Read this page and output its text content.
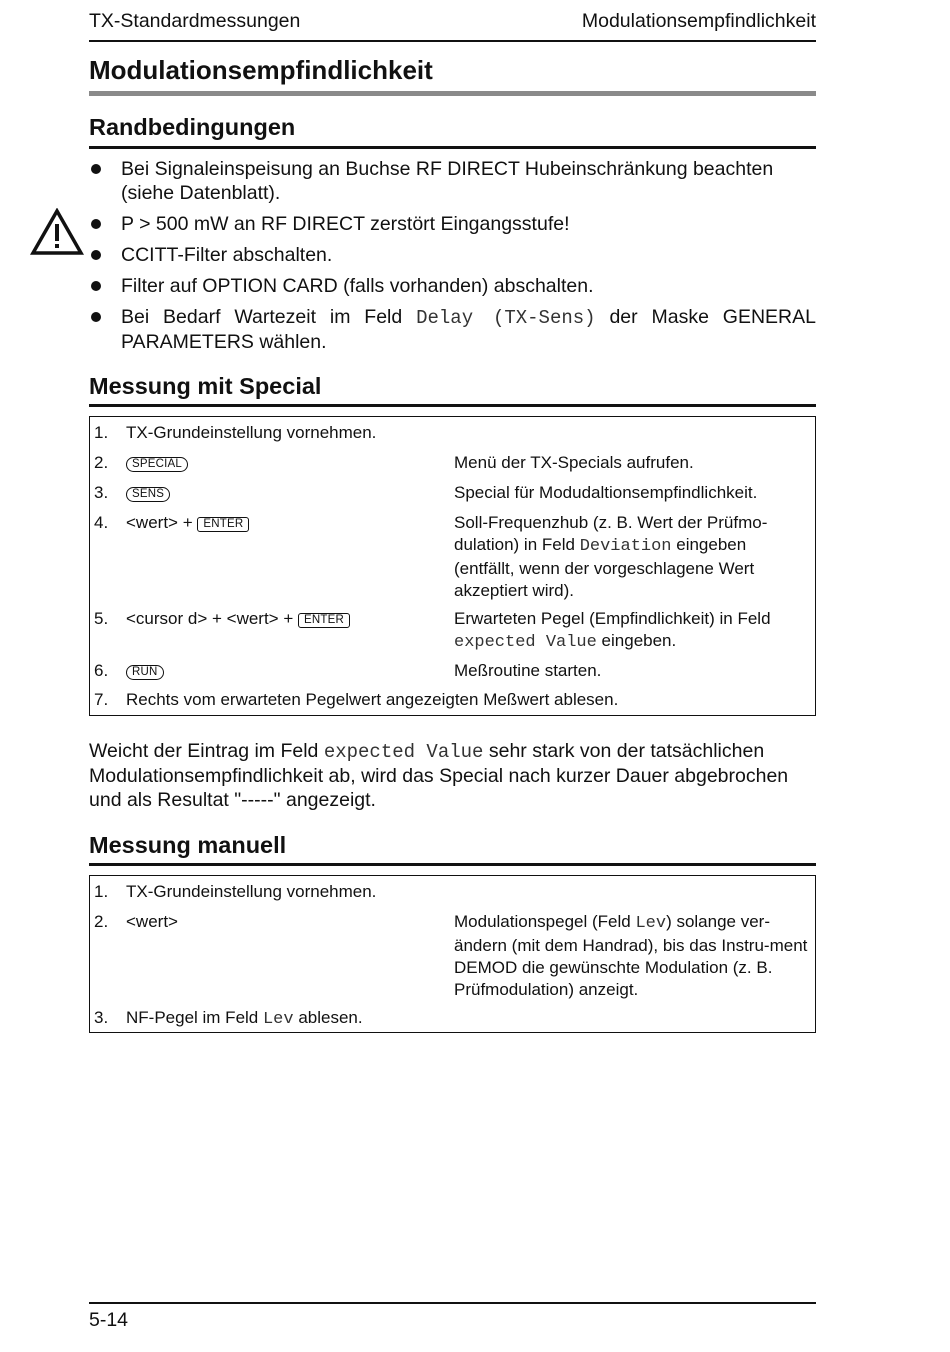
TX-Standardmessungen	Modulationsempfindlichkeit
Modulationsempfindlichkeit
Randbedingungen
Bei Signaleinspeisung an Buchse RF DIRECT Hubeinschränkung beachten (siehe Datenblatt).
P > 500 mW an RF DIRECT zerstört Eingangsstufe!
CCITT-Filter abschalten.
Filter auf OPTION CARD (falls vorhanden) abschalten.
Bei Bedarf Wartezeit im Feld Delay (TX-Sens) der Maske GENERAL PARAMETERS wählen.
Messung mit Special
1. TX-Grundeinstellung vornehmen.
2.	SPECIAL	Menü der TX-Specials aufrufen.
3.	SENS	Special für Modudaltionsempfindlichkeit.
4. <wert> + ENTER	Soll-Frequenzhub (z. B. Wert der Prüfmo-dulation) in Feld Deviation eingeben (entfällt, wenn der vorgeschlagene Wert akzeptiert wird).
5. <cursor d> + <wert> + ENTER	Erwarteten Pegel (Empfindlichkeit) in Feld expected Value eingeben.
6.	RUN	Meßroutine starten.
7. Rechts vom erwarteten Pegelwert angezeigten Meßwert ablesen.

Weicht der Eintrag im Feld expected Value sehr stark von der tatsächlichen Modulationsempfindlichkeit ab, wird das Special nach kurzer Dauer abgebrochen und als Resultat "-----" angezeigt.

Messung manuell
1. TX-Grundeinstellung vornehmen.
2. <wert>	Modulationspegel (Feld Lev) solange ver-ändern (mit dem Handrad), bis das Instru-ment DEMOD die gewünschte Modulation (z. B. Prüfmodulation) anzeigt.
3. NF-Pegel im Feld Lev ablesen.
5-14
